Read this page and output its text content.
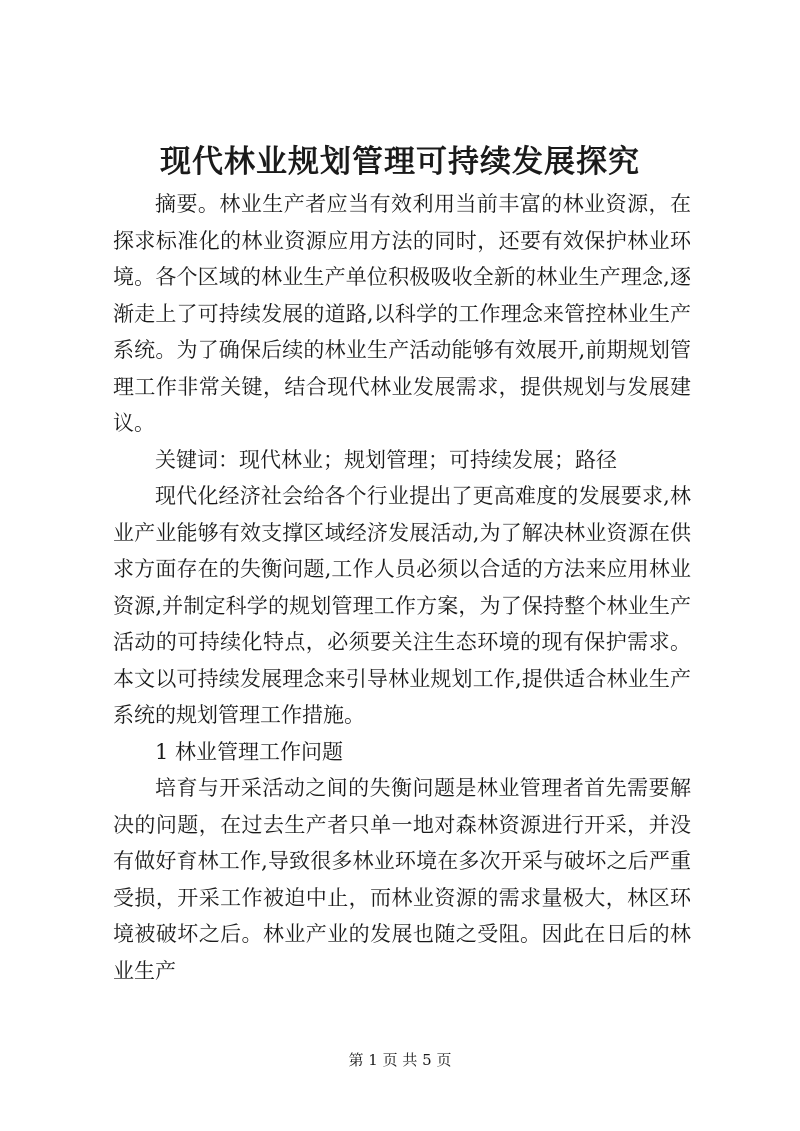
现代林业规划管理可持续发展探究

摘要。林业生产者应当有效利用当前丰富的林业资源，在探求标准化的林业资源应用方法的同时，还要有效保护林业环境。各个区域的林业生产单位积极吸收全新的林业生产理念,逐渐走上了可持续发展的道路,以科学的工作理念来管控林业生产系统。为了确保后续的林业生产活动能够有效展开,前期规划管理工作非常关键，结合现代林业发展需求，提供规划与发展建议。

关键词：现代林业；规划管理；可持续发展；路径

现代化经济社会给各个行业提出了更高难度的发展要求,林业产业能够有效支撑区域经济发展活动,为了解决林业资源在供求方面存在的失衡问题,工作人员必须以合适的方法来应用林业资源,并制定科学的规划管理工作方案，为了保持整个林业生产活动的可持续化特点，必须要关注生态环境的现有保护需求。本文以可持续发展理念来引导林业规划工作,提供适合林业生产系统的规划管理工作措施。

1 林业管理工作问题

培育与开采活动之间的失衡问题是林业管理者首先需要解决的问题，在过去生产者只单一地对森林资源进行开采，并没有做好育林工作,导致很多林业环境在多次开采与破坏之后严重受损，开采工作被迫中止，而林业资源的需求量极大，林区环境被破坏之后。林业产业的发展也随之受阻。因此在日后的林业生产

第 1 页 共 5 页
